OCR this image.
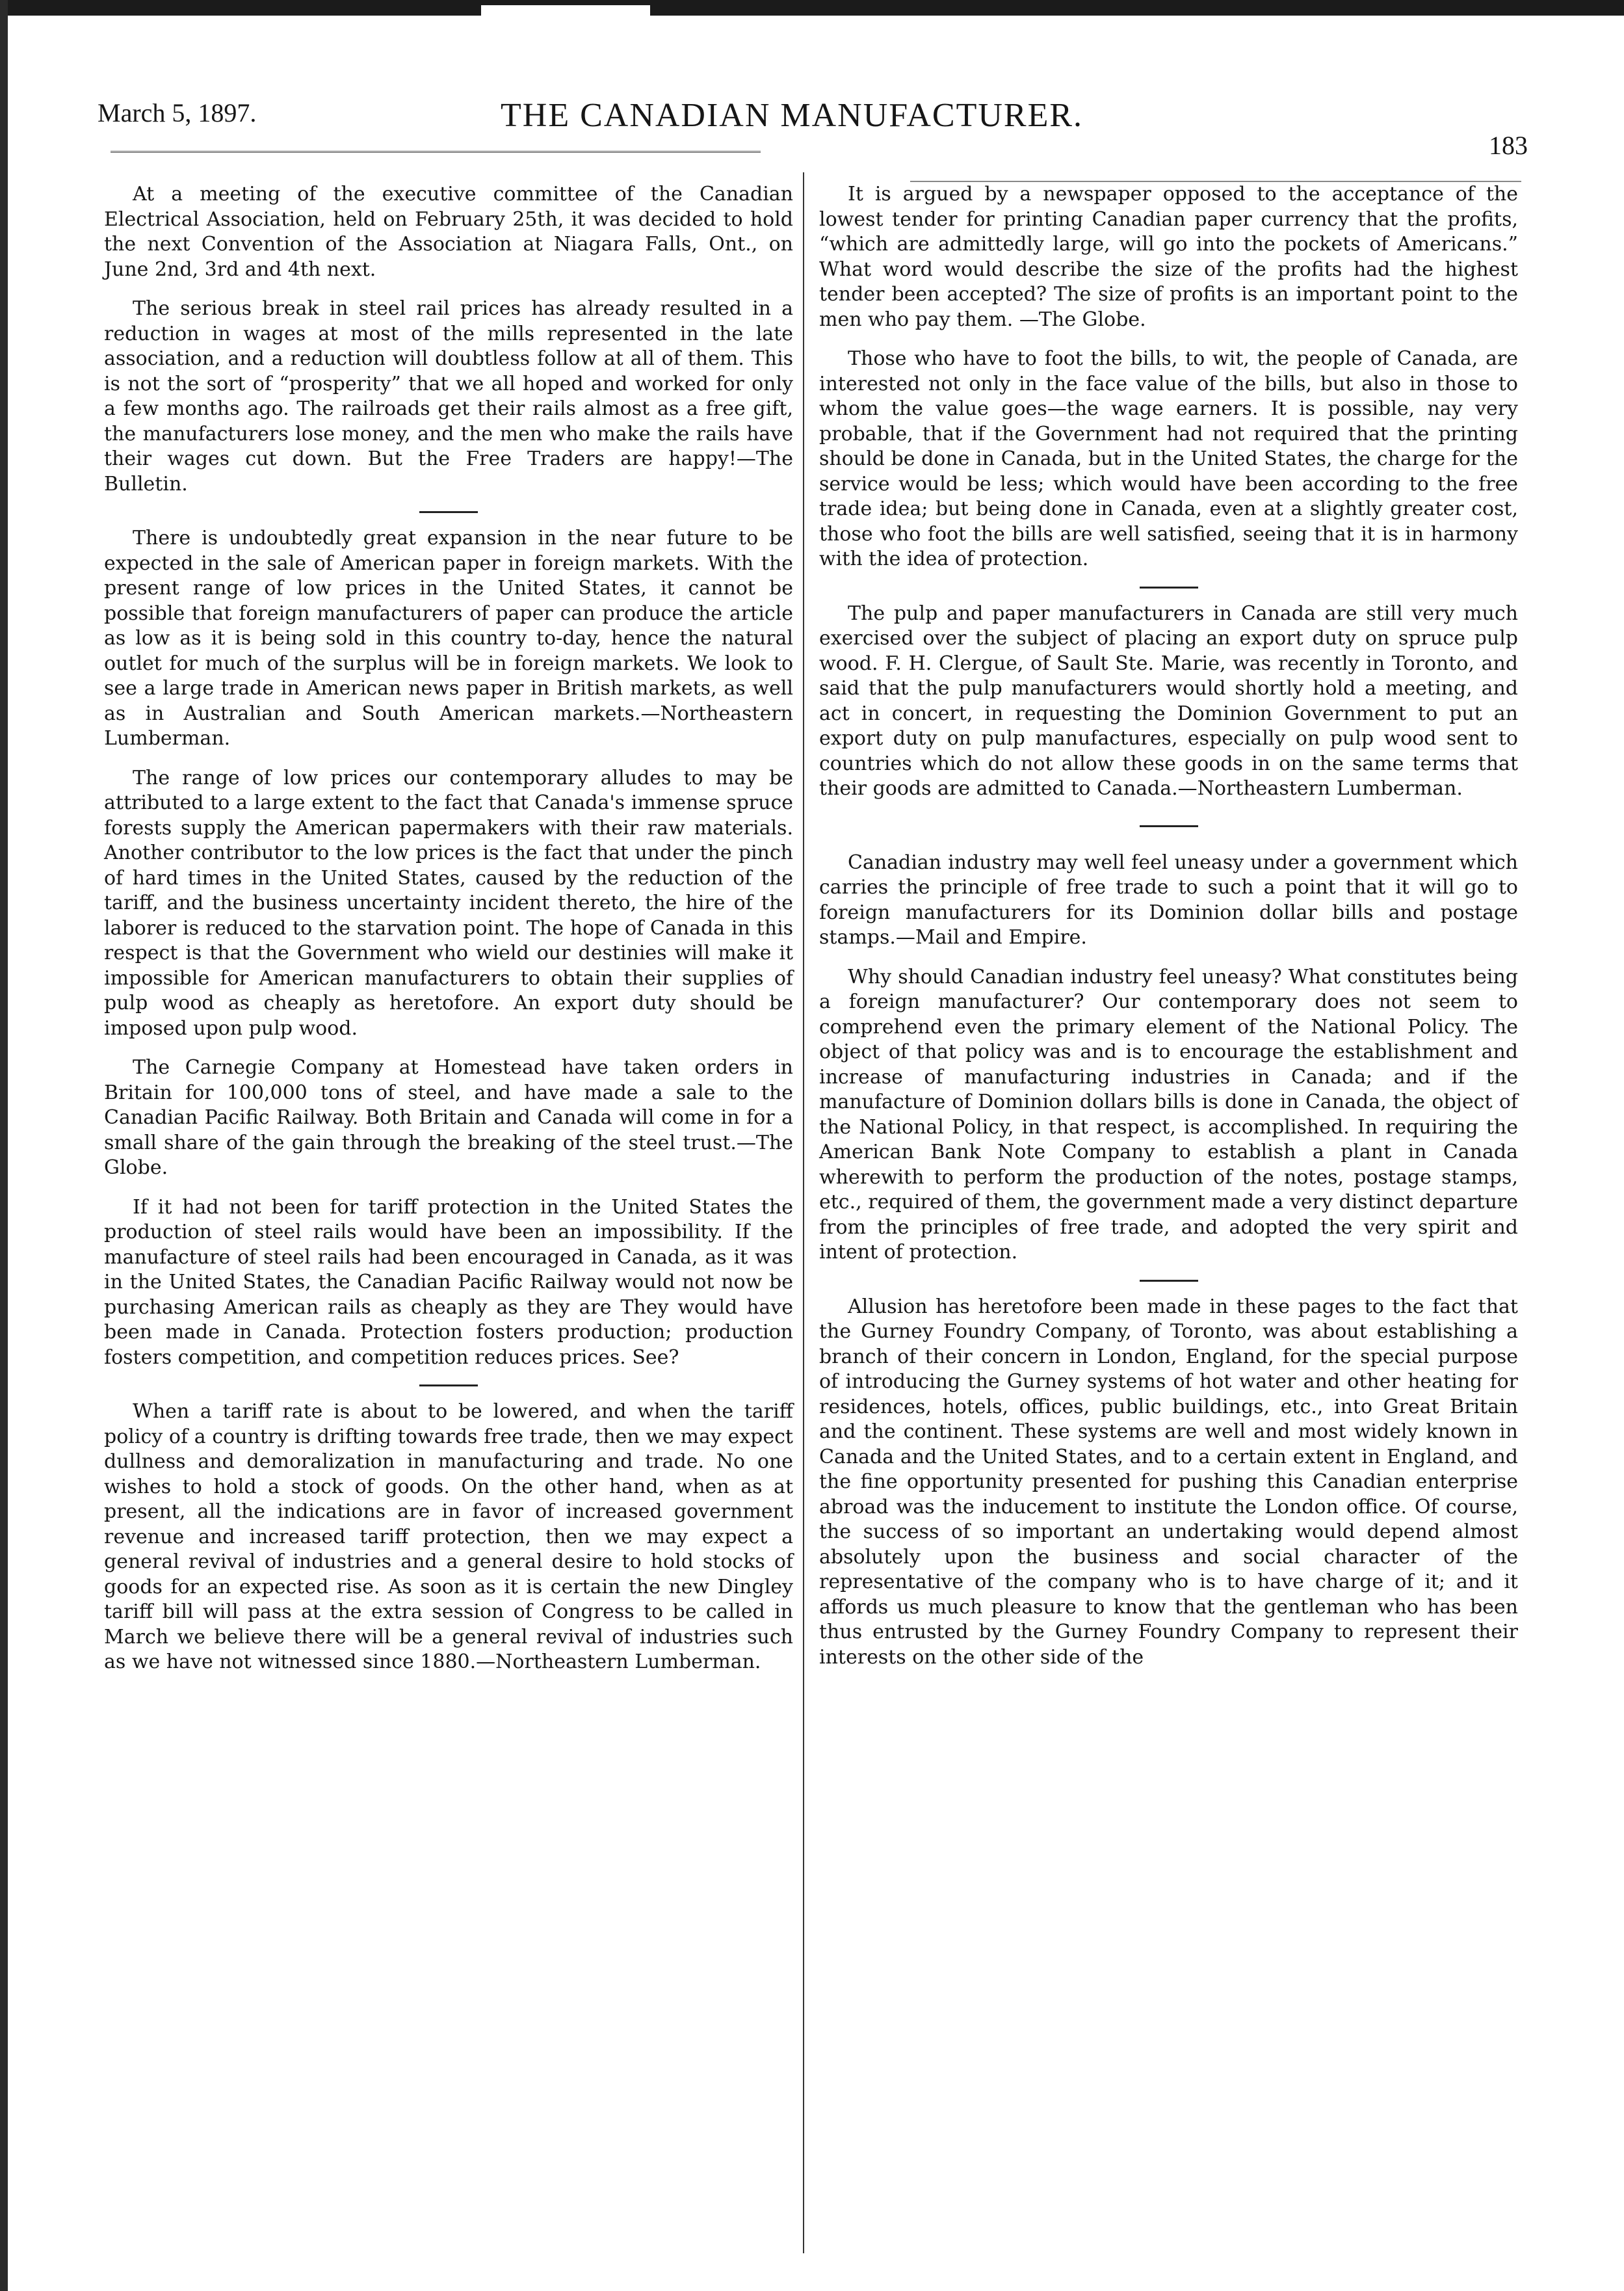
March 5, 1897.	THE CANADIAN MANUFACTURER.
183

At a meeting of the executive committee of the Canadian Electrical Association, held on February 25th, it was decided to hold the next Convention of the Association at Niagara Falls, Ont., on June 2nd, 3rd and 4th next.

The serious break in steel rail prices has already resulted in a reduction in wages at most of the mills represented in the late association, and a reduction will doubtless follow at all of them. This is not the sort of “prosperity” that we all hoped and worked for only a few months ago. The railroads get their rails almost as a free gift, the manufacturers lose money, and the men who make the rails have their wages cut down. But the Free Traders are happy!—The Bulletin.

There is undoubtedly great expansion in the near future to be expected in the sale of American paper in foreign markets. With the present range of low prices in the United States, it cannot be possible that foreign manufacturers of paper can produce the article as low as it is being sold in this country to-day, hence the natural outlet for much of the surplus will be in foreign markets. We look to see a large trade in American news paper in British markets, as well as in Australian and South American markets.—Northeastern Lumberman.

The range of low prices our contemporary alludes to may be attributed to a large extent to the fact that Canada's immense spruce forests supply the American papermakers with their raw materials. Another contributor to the low prices is the fact that under the pinch of hard times in the United States, caused by the reduction of the tariff, and the business uncertainty incident thereto, the hire of the laborer is reduced to the starvation point. The hope of Canada in this respect is that the Government who wield our destinies will make it impossible for American manufacturers to obtain their supplies of pulp wood as cheaply as heretofore. An export duty should be imposed upon pulp wood.

The Carnegie Company at Homestead have taken orders in Britain for 100,000 tons of steel, and have made a sale to the Canadian Pacific Railway. Both Britain and Canada will come in for a small share of the gain through the breaking of the steel trust.—The Globe.

If it had not been for tariff protection in the United States the production of steel rails would have been an impossibility. If the manufacture of steel rails had been encouraged in Canada, as it was in the United States, the Canadian Pacific Railway would not now be purchasing American rails as cheaply as they are They would have been made in Canada. Protection fosters production; production fosters competition, and competition reduces prices. See?

When a tariff rate is about to be lowered, and when the tariff policy of a country is drifting towards free trade, then we may expect dullness and demoralization in manufacturing and trade. No one wishes to hold a stock of goods. On the other hand, when as at present, all the indications are in favor of increased government revenue and increased tariff protection, then we may expect a general revival of industries and a general desire to hold stocks of goods for an expected rise. As soon as it is certain the new Dingley tariff bill will pass at the extra session of Congress to be called in March we believe there will be a general revival of industries such as we have not witnessed since 1880.—Northeastern Lumberman.

It is argued by a newspaper opposed to the acceptance of the lowest tender for printing Canadian paper currency that the profits, “which are admittedly large, will go into the pockets of Americans.” What word would describe the size of the profits had the highest tender been accepted? The size of profits is an important point to the men who pay them. —The Globe.

Those who have to foot the bills, to wit, the people of Canada, are interested not only in the face value of the bills, but also in those to whom the value goes—the wage earners. It is possible, nay very probable, that if the Government had not required that the printing should be done in Canada, but in the United States, the charge for the service would be less; which would have been according to the free trade idea; but being done in Canada, even at a slightly greater cost, those who foot the bills are well satisfied, seeing that it is in harmony with the idea of protection.

The pulp and paper manufacturers in Canada are still very much exercised over the subject of placing an export duty on spruce pulp wood. F. H. Clergue, of Sault Ste. Marie, was recently in Toronto, and said that the pulp manufacturers would shortly hold a meeting, and act in concert, in requesting the Dominion Government to put an export duty on pulp manufactures, especially on pulp wood sent to countries which do not allow these goods in on the same terms that their goods are admitted to Canada.—Northeastern Lumberman.

Canadian industry may well feel uneasy under a government which carries the principle of free trade to such a point that it will go to foreign manufacturers for its Dominion dollar bills and postage stamps.—Mail and Empire.

Why should Canadian industry feel uneasy? What constitutes being a foreign manufacturer? Our contemporary does not seem to comprehend even the primary element of the National Policy. The object of that policy was and is to encourage the establishment and increase of manufacturing industries in Canada; and if the manufacture of Dominion dollars bills is done in Canada, the object of the National Policy, in that respect, is accomplished. In requiring the American Bank Note Company to establish a plant in Canada wherewith to perform the production of the notes, postage stamps, etc., required of them, the government made a very distinct departure from the principles of free trade, and adopted the very spirit and intent of protection.

Allusion has heretofore been made in these pages to the fact that the Gurney Foundry Company, of Toronto, was about establishing a branch of their concern in London, England, for the special purpose of introducing the Gurney systems of hot water and other heating for residences, hotels, offices, public buildings, etc., into Great Britain and the continent. These systems are well and most widely known in Canada and the United States, and to a certain extent in England, and the fine opportunity presented for pushing this Canadian enterprise abroad was the inducement to institute the London office. Of course, the success of so important an undertaking would depend almost absolutely upon the business and social character of the representative of the company who is to have charge of it; and it affords us much pleasure to know that the gentleman who has been thus entrusted by the Gurney Foundry Company to represent their interests on the other side of the
